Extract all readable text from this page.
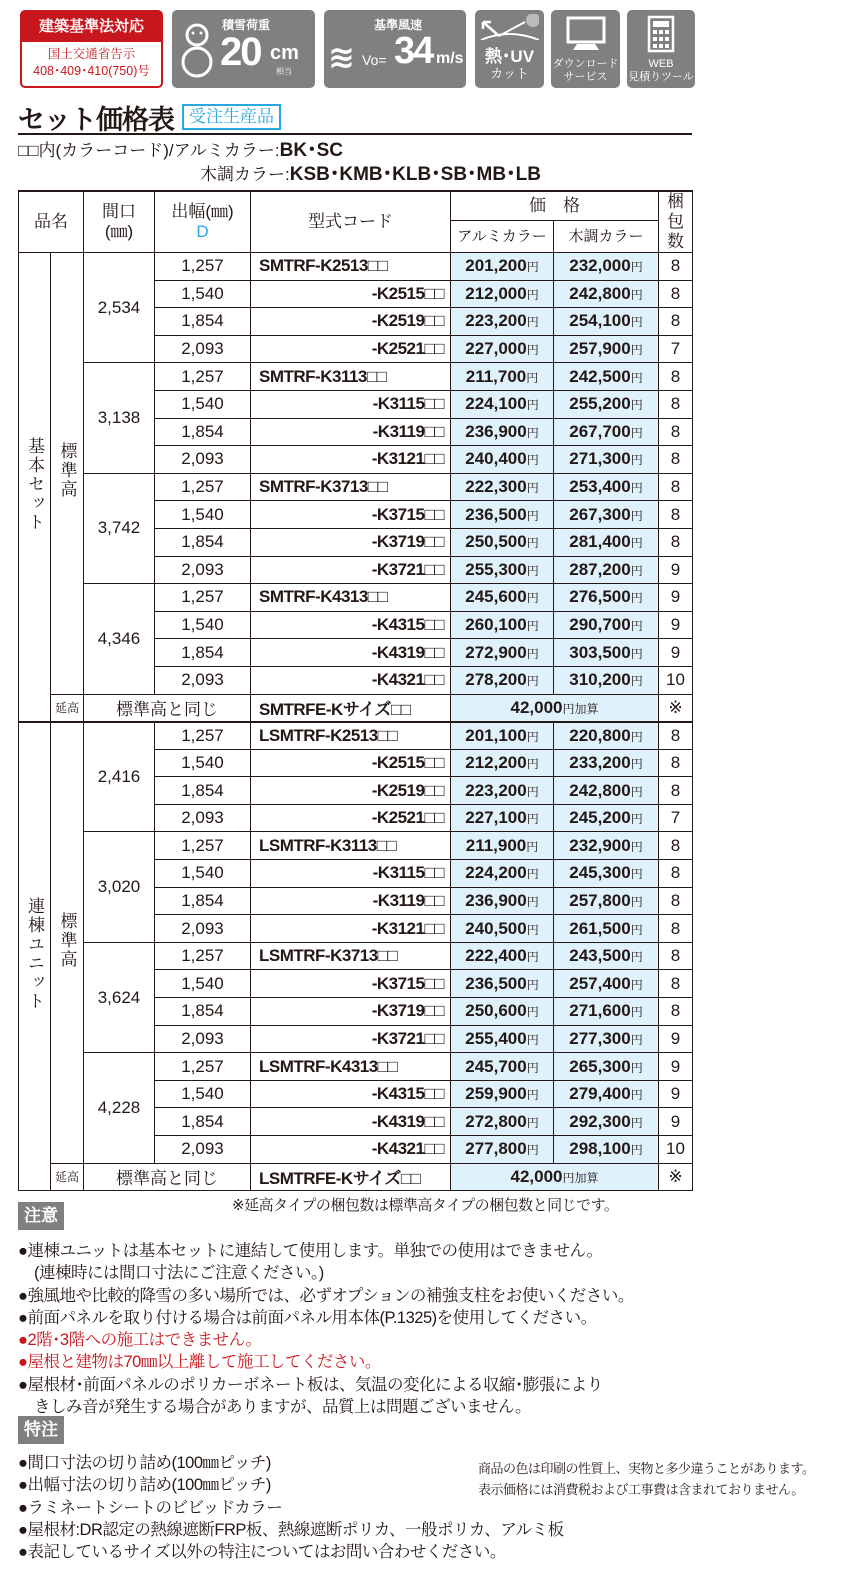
建築基準法対応
国土交通省告示
408･409･410(750)号
積雪荷重
20 cm
相当
基準風速
≋ Vo= 34 m/s	熱･UV
カット
ダウンロード
サービス
WEB
見積りツール
セット価格表 受注生産品
□□内(カラーコード)/アルミカラー:BK･SC
木調カラー:KSB･KMB･KLB･SB･MB･LB
品名		間口
(㎜)	出幅(㎜)
D	型式コード	価　格		梱包数
					アルミカラー	木調カラー	
基本セット	標準高	2,534	1,257	SMTRF-K2513□□	201,200円	232,000円	8
			1,540	-K2515□□	212,000円	242,800円	8
			1,854	-K2519□□	223,200円	254,100円	8
			2,093	-K2521□□	227,000円	257,900円	7
		3,138	1,257	SMTRF-K3113□□	211,700円	242,500円	8
			1,540	-K3115□□	224,100円	255,200円	8
			1,854	-K3119□□	236,900円	267,700円	8
			2,093	-K3121□□	240,400円	271,300円	8
		3,742	1,257	SMTRF-K3713□□	222,300円	253,400円	8
			1,540	-K3715□□	236,500円	267,300円	8
			1,854	-K3719□□	250,500円	281,400円	8
			2,093	-K3721□□	255,300円	287,200円	9
		4,346	1,257	SMTRF-K4313□□	245,600円	276,500円	9
			1,540	-K4315□□	260,100円	290,700円	9
			1,854	-K4319□□	272,900円	303,500円	9
			2,093	-K4321□□	278,200円	310,200円	10
	延高	標準高と同じ		SMTRFE-Kサイズ□□	42,000円加算		※
連棟ユニット	標準高	2,416	1,257	LSMTRF-K2513□□	201,100円	220,800円	8
			1,540	-K2515□□	212,200円	233,200円	8
			1,854	-K2519□□	223,200円	242,800円	8
			2,093	-K2521□□	227,100円	245,200円	7
		3,020	1,257	LSMTRF-K3113□□	211,900円	232,900円	8
			1,540	-K3115□□	224,200円	245,300円	8
			1,854	-K3119□□	236,900円	257,800円	8
			2,093	-K3121□□	240,500円	261,500円	8
		3,624	1,257	LSMTRF-K3713□□	222,400円	243,500円	8
			1,540	-K3715□□	236,500円	257,400円	8
			1,854	-K3719□□	250,600円	271,600円	8
			2,093	-K3721□□	255,400円	277,300円	9
		4,228	1,257	LSMTRF-K4313□□	245,700円	265,300円	9
			1,540	-K4315□□	259,900円	279,400円	9
			1,854	-K4319□□	272,800円	292,300円	9
			2,093	-K4321□□	277,800円	298,100円	10
	延高	標準高と同じ		LSMTRFE-Kサイズ□□	42,000円加算		※
※延高タイプの梱包数は標準高タイプの梱包数と同じです。
注意
●連棟ユニットは基本セットに連結して使用します。単独での使用はできません。
　(連棟時には間口寸法にご注意ください。)
●強風地や比較的降雪の多い場所では、必ずオプションの補強支柱をお使いください。
●前面パネルを取り付ける場合は前面パネル用本体(P.1325)を使用してください。
●2階･3階への施工はできません。
●屋根と建物は70㎜以上離して施工してください。
●屋根材･前面パネルのポリカーボネート板は、気温の変化による収縮･膨張により
　きしみ音が発生する場合がありますが、品質上は問題ございません。
特注
●間口寸法の切り詰め(100㎜ピッチ)
●出幅寸法の切り詰め(100㎜ピッチ)
●ラミネートシートのビビッドカラー
●屋根材:DR認定の熱線遮断FRP板、熱線遮断ポリカ、一般ポリカ、アルミ板
●表記しているサイズ以外の特注についてはお問い合わせください。
商品の色は印刷の性質上、実物と多少違うことがあります。
表示価格には消費税および工事費は含まれておりません。
